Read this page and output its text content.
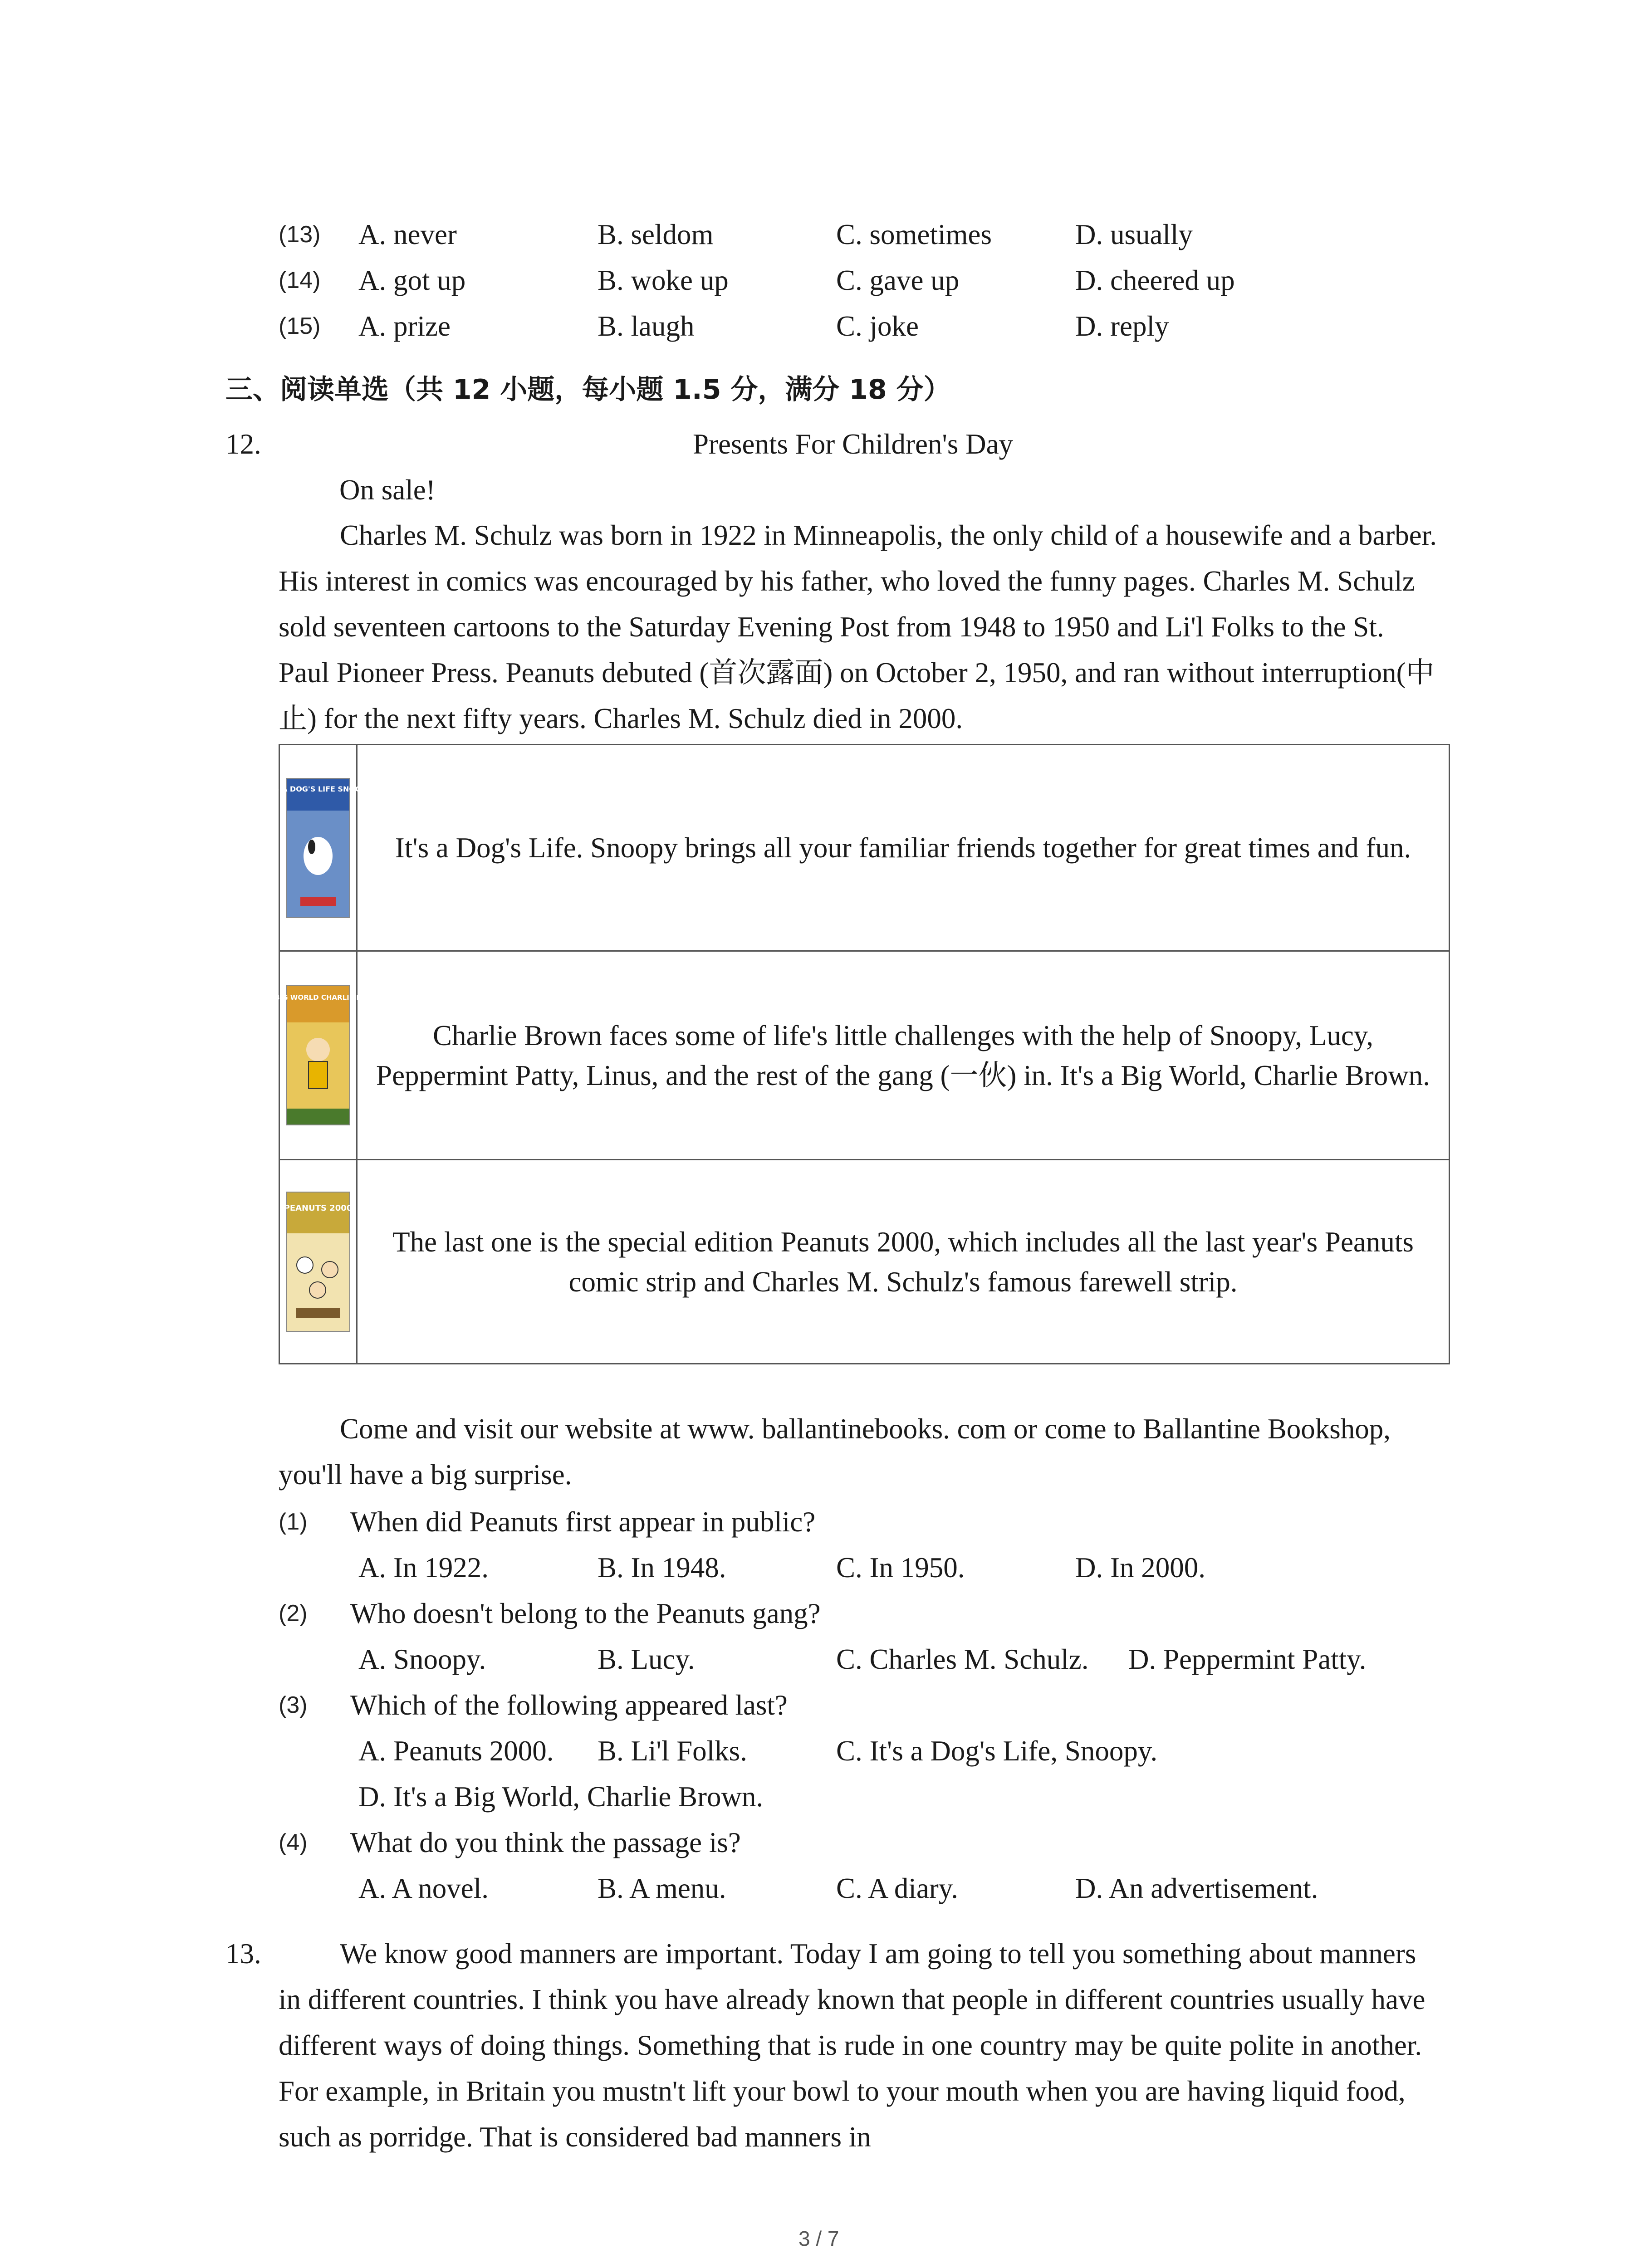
(13) A. never	B. seldom	C. sometimes	D. usually
(14) A. got up	B. woke up	C. gave up	D. cheered up
(15) A. prize	B. laugh	C. joke	D. reply
三、阅读单选（共 12 小题，每小题 1.5 分，满分 18 分）
12.	Presents For Children's Day
On sale!

Charles M. Schulz was born in 1922 in Minneapolis, the only child of a housewife and a barber. His interest in comics was encouraged by his father, who loved the funny pages. Charles M. Schulz sold seventeen cartoons to the Saturday Evening Post from 1948 to 1950 and Li'l Folks to the St. Paul Pioneer Press. Peanuts debuted (首次露面) on October 2, 1950, and ran without interruption(中止) for the next fifty years. Charles M. Schulz died in 2000.

IT'S A DOG'S LIFE SNOOPY	It's a Dog's Life. Snoopy brings all your familiar friends together for great times and fun.

IT'S A BIG WORLD CHARLIE BROWN	Charlie Brown faces some of life's little challenges with the help of Snoopy, Lucy, Peppermint Patty, Linus, and the rest of the gang (一伙) in. It's a Big World, Charlie Brown.

PEANUTS 2000	The last one is the special edition Peanuts 2000, which includes all the last year's Peanuts comic strip and Charles M. Schulz's famous farewell strip.

Come and visit our website at www. ballantinebooks. com or come to Ballantine Bookshop, you'll have a big surprise.

(1) When did Peanuts first appear in public?
A. In 1922.	B. In 1948.	C. In 1950.	D. In 2000.
(2) Who doesn't belong to the Peanuts gang?
A. Snoopy.	B. Lucy.	C. Charles M. Schulz. D. Peppermint Patty.
(3) Which of the following appeared last?
A. Peanuts 2000. B. Li'l Folks.	C. It's a Dog's Life, Snoopy.
D. It's a Big World, Charlie Brown.
(4) What do you think the passage is?
A. A novel.	B. A menu.	C. A diary.	D. An advertisement.
13.	We know good manners are important. Today I am going to tell you something about manners in different countries. I think you have already known that people in different countries usually have different ways of doing things. Something that is rude in one country may be quite polite in another. For example, in Britain you mustn't lift your bowl to your mouth when you are having liquid food, such as porridge. That is considered bad manners in

3 / 7
